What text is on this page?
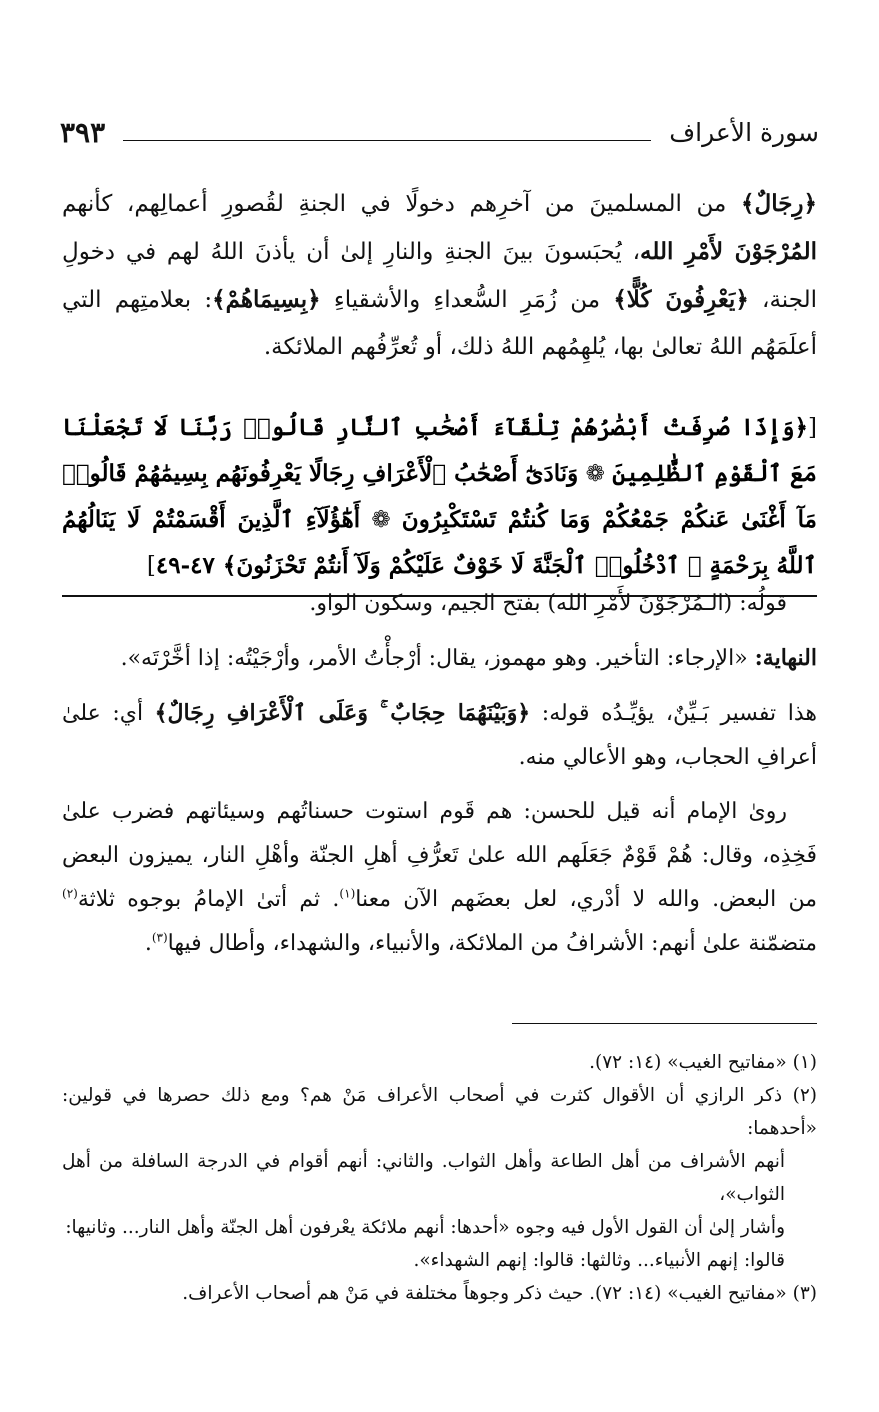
سورة الأعراف
٣٩٣
﴿رِجَالٌ﴾ من المسلمينَ من آخرِهم دخولًا في الجنةِ لقُصورِ أعمالِهم، كأنهم المُرْجَوْنَ لأَمْرِ الله، يُحبَسونَ بينَ الجنةِ والنارِ إلىٰ أن يأذنَ اللهُ لهم في دخولِ الجنة، ﴿يَعْرِفُونَ كُلًّا﴾ من زُمَرِ السُّعداءِ والأشقياءِ ﴿بِسِيمَاهُمْ﴾: بعلامتِهم التي أعلَمَهُم اللهُ تعالىٰ بها، يُلهِمُهم اللهُ ذلك، أو تُعرِّفُهم الملائكة.
[﴿وَإِذَا صُرِفَتْ أَبْصَٰرُهُمْ تِلْقَآءَ أَصْحَٰبِ ٱلنَّارِ قَالُوا۟ رَبَّنَا لَا تَجْعَلْنَا مَعَ ٱلْقَوْمِ ٱلظَّٰلِمِينَ ❁ وَنَادَىٰٓ أَصْحَٰبُ ٱلْأَعْرَافِ رِجَالًا يَعْرِفُونَهُم بِسِيمَٰهُمْ قَالُوا۟ مَآ أَغْنَىٰ عَنكُمْ جَمْعُكُمْ وَمَا كُنتُمْ تَسْتَكْبِرُونَ ❁ أَهَٰٓؤُلَآءِ ٱلَّذِينَ أَقْسَمْتُمْ لَا يَنَالُهُمُ ٱللَّهُ بِرَحْمَةٍ ۚ ٱدْخُلُوا۟ ٱلْجَنَّةَ لَا خَوْفٌ عَلَيْكُمْ وَلَآ أَنتُمْ تَحْزَنُونَ﴾ ٤٧-٤٩]

قولُه: (الـمُرْجَوْنَ لأَمْرِ الله) بفتح الجيم، وسكون الواو.

النهاية: «الإرجاء: التأخير. وهو مهموز، يقال: أرْجأْتُ الأمر، وأرْجَيْتُه: إذا أخَّرْتَه».

هذا تفسير بَـيِّنٌ، يؤيِّـدُه قوله: ﴿وَبَيْنَهُمَا حِجَابٌ ۚ وَعَلَى ٱلْأَعْرَافِ رِجَالٌ﴾ أي: علىٰ أعرافِ الحجاب، وهو الأعالي منه.

رویٰ الإمام أنه قيل للحسن: هم قَوم استوت حسناتُهم وسيئاتهم فضرب علىٰ فَخِذِه، وقال: هُمْ قَوْمٌ جَعَلَهم الله علىٰ تَعرُّفِ أهلِ الجنّة وأهْلِ النار، يميزون البعض من البعض. والله لا أدْري، لعل بعضَهم الآن معنا$^{(١)}$. ثم أتىٰ الإمامُ بوجوه ثلاثة$^{(٢)}$ متضمّنة علىٰ أنهم: الأشرافُ من الملائكة، والأنبياء، والشهداء، وأطال فيها$^{(٣)}$.

(١) «مفاتيح الغيب» (١٤: ٧٢).

(٢) ذكر الرازي أن الأقوال كثرت في أصحاب الأعراف مَنْ هم؟ ومع ذلك حصرها في قولين: «أحدهما:

أنهم الأشراف من أهل الطاعة وأهل الثواب. والثاني: أنهم أقوام في الدرجة السافلة من أهل الثواب»،

وأشار إلىٰ أن القول الأول فيه وجوه «أحدها: أنهم ملائكة يعْرفون أهل الجنّة وأهل النار... وثانيها:

قالوا: إنهم الأنبياء... وثالثها: قالوا: إنهم الشهداء».

(٣) «مفاتيح الغيب» (١٤: ٧٢). حيث ذكر وجوهاً مختلفة في مَنْ هم أصحاب الأعراف.
